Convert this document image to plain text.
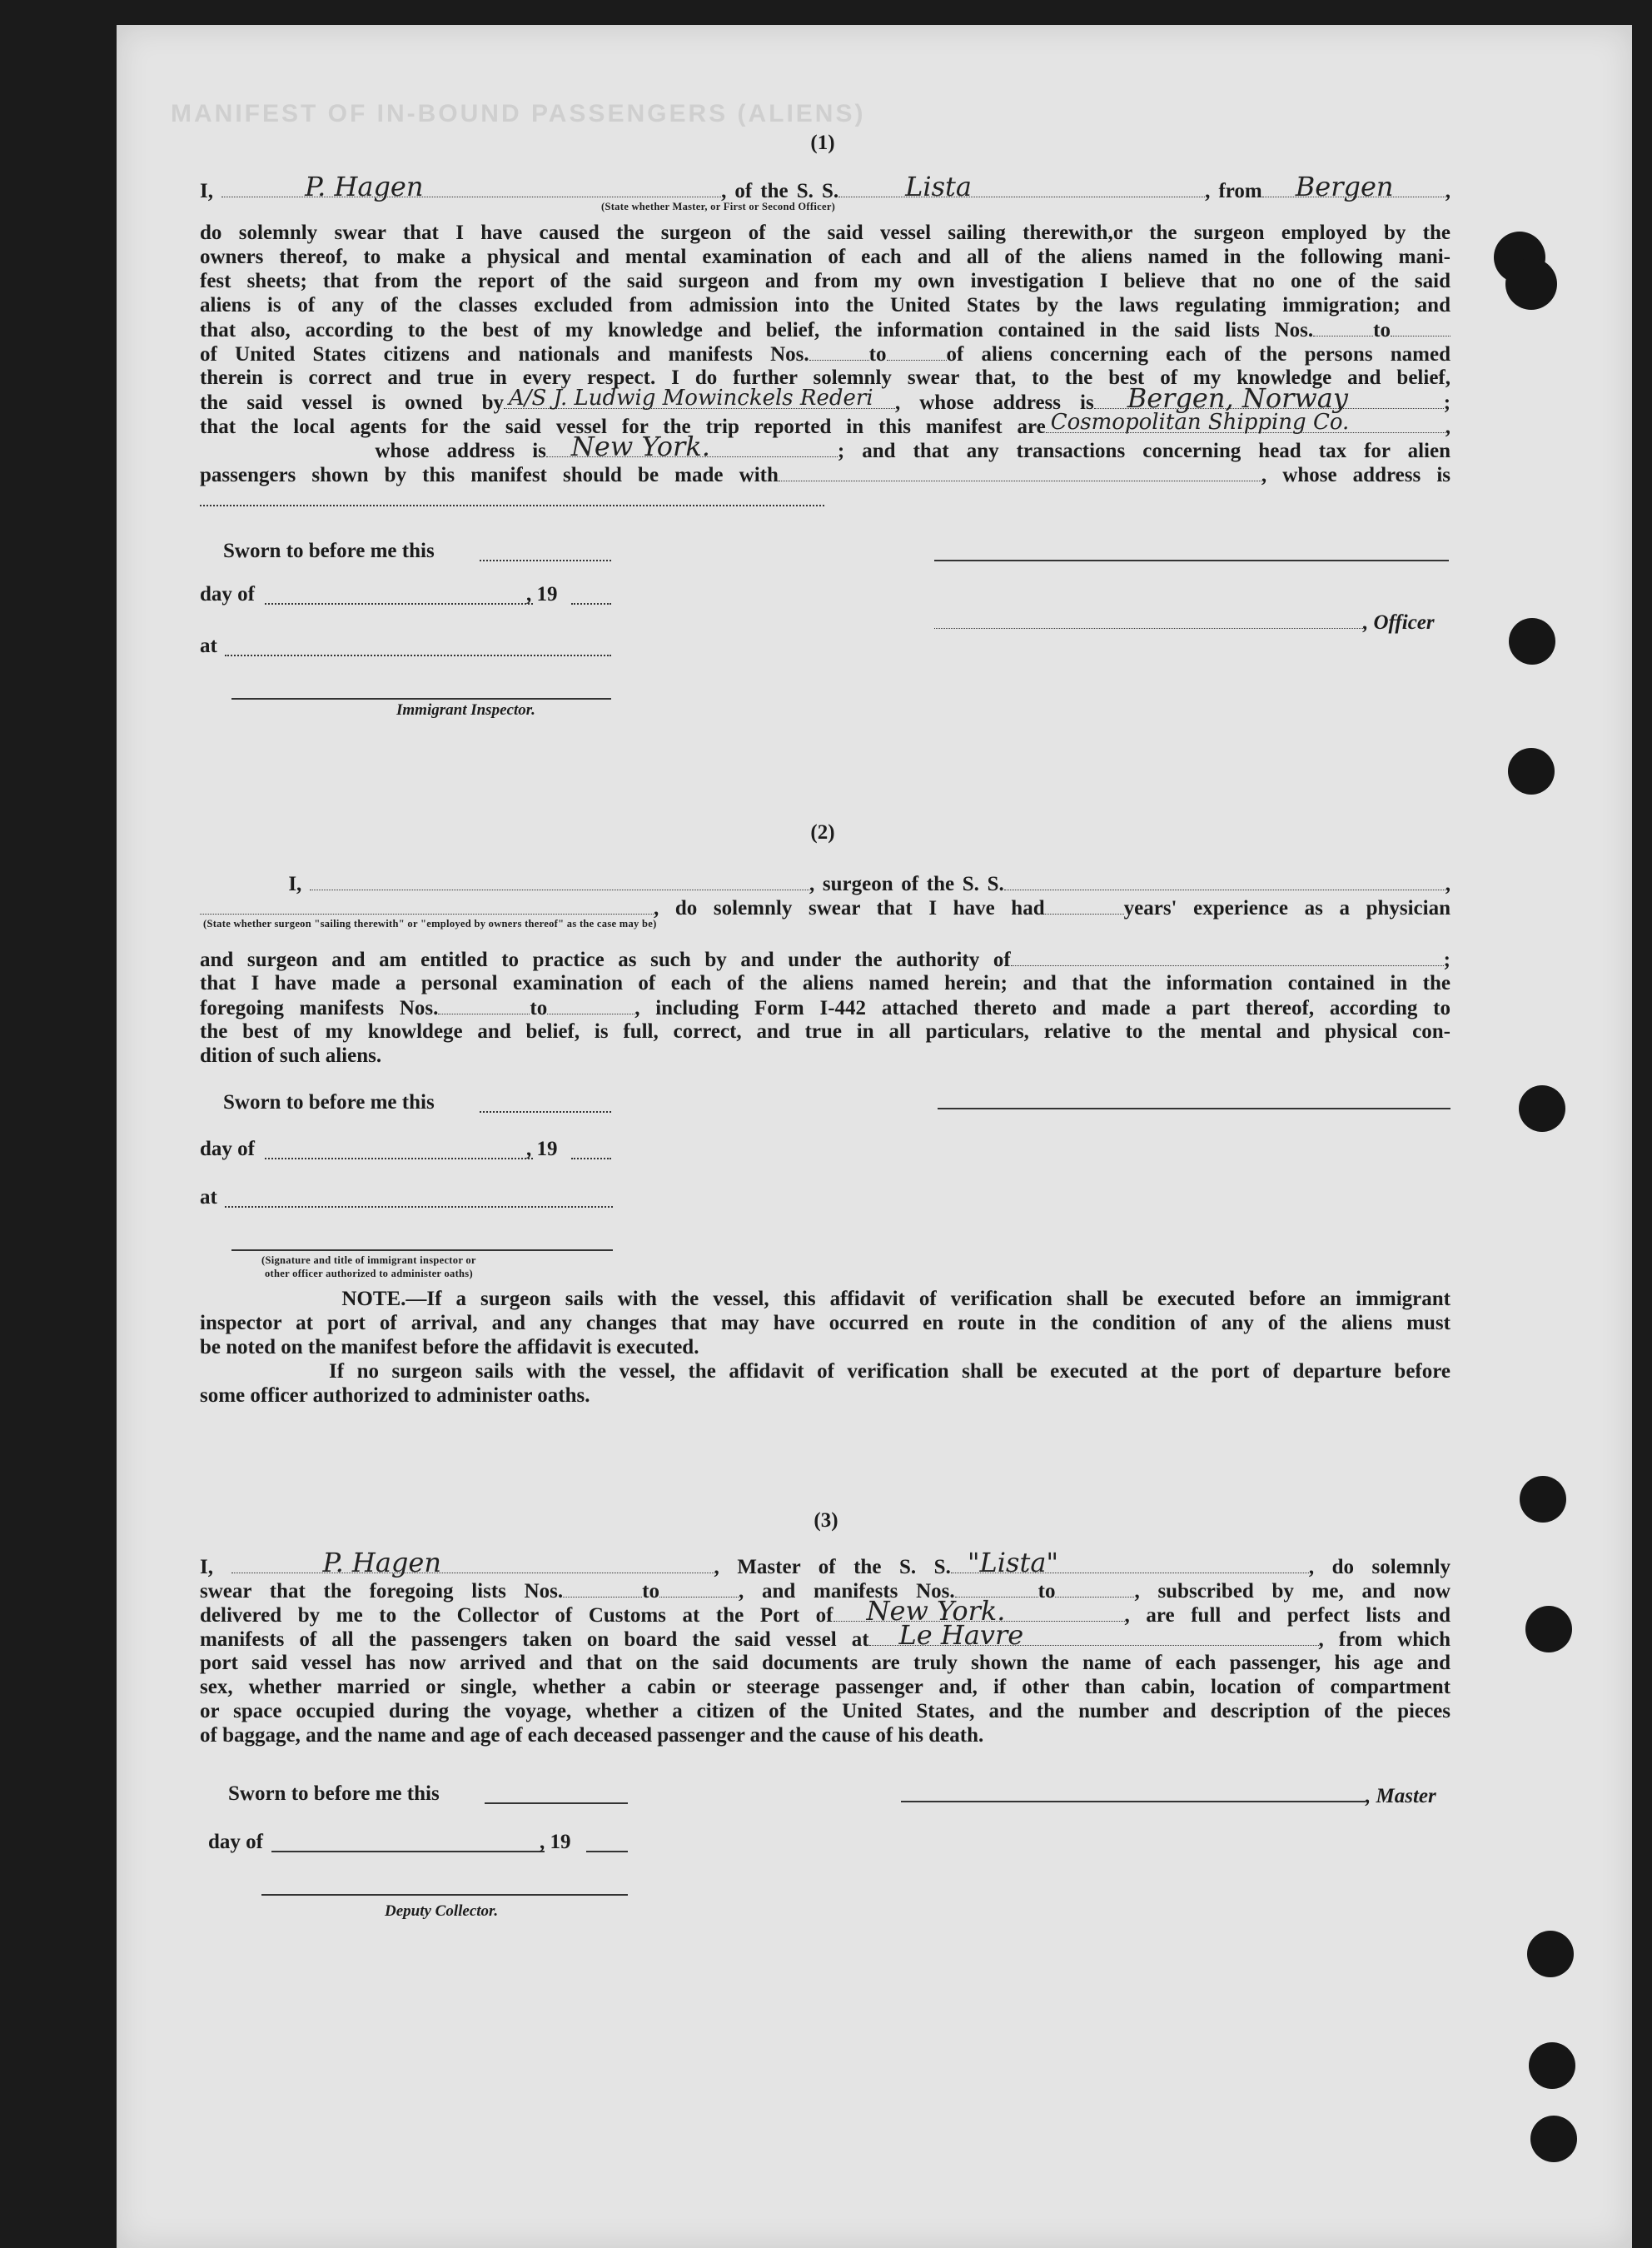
MANIFEST OF IN-BOUND PASSENGERS (ALIENS)
(1)
I,	P. Hagen	, of the S. S.	Lista	, from Bergen ,
(State whether Master, or First or Second Officer)
do solemnly swear that I have caused the surgeon of the said vessel sailing therewith,or the surgeon employed by the
owners thereof, to make a physical and mental examination of each and all of the aliens named in the following mani-
fest sheets; that from the report of the said surgeon and from my own investigation I believe that no one of the said
aliens is of any of the classes excluded from admission into the United States by the laws regulating immigration; and
that also, according to the best of my knowledge and belief, the information contained in the said lists Nos.	to
of United States citizens and nationals and manifests Nos.	to	of aliens concerning each of the persons named
therein is correct and true in every respect. I do further solemnly swear that, to the best of my knowledge and belief,
the said vessel is owned by A/S J. Ludwig Mowinckels Rederi , whose address is Bergen, Norway	;
that the local agents for the said vessel for the trip reported in this manifest are Cosmopolitan Shipping Co.	,
whose address is New York.	; and that any transactions concerning head tax for alien
passengers shown by this manifest should be made with	, whose address is
Sworn to before me this
day of	, 19
, Officer
at
Immigrant Inspector.
(2)
I,	, surgeon of the S. S.	,
, do solemnly swear that I have had	years' experience as a physician
(State whether surgeon "sailing therewith" or "employed by owners thereof" as the case may be)
and surgeon and am entitled to practice as such by and under the authority of	;
that I have made a personal examination of each of the aliens named herein; and that the information contained in the
foregoing manifests Nos.	to	, including Form I-442 attached thereto and made a part thereof, according to
the best of my knowldege and belief, is full, correct, and true in all particulars, relative to the mental and physical con-
dition of such aliens.
Sworn to before me this
day of	, 19
at
(Signature and title of immigrant inspector or
other officer authorized to administer oaths)
NOTE.—If a surgeon sails with the vessel, this affidavit of verification shall be executed before an immigrant
inspector at port of arrival, and any changes that may have occurred en route in the condition of any of the aliens must
be noted on the manifest before the affidavit is executed.
If no surgeon sails with the vessel, the affidavit of verification shall be executed at the port of departure before
some officer authorized to administer oaths.
(3)
I,	P. Hagen	, Master of the S. S. "Lista"	, do solemnly
swear that the foregoing lists Nos.	to	, and manifests Nos.	to	, subscribed by me, and now
delivered by me to the Collector of Customs at the Port of New York.	, are full and perfect lists and
manifests of all the passengers taken on board the said vessel at Le Havre	, from which
port said vessel has now arrived and that on the said documents are truly shown the name of each passenger, his age and
sex, whether married or single, whether a cabin or steerage passenger and, if other than cabin, location of compartment
or space occupied during the voyage, whether a citizen of the United States, and the number and description of the pieces
of baggage, and the name and age of each deceased passenger and the cause of his death.
Sworn to before me this	, Master
day of	, 19
Deputy Collector.
